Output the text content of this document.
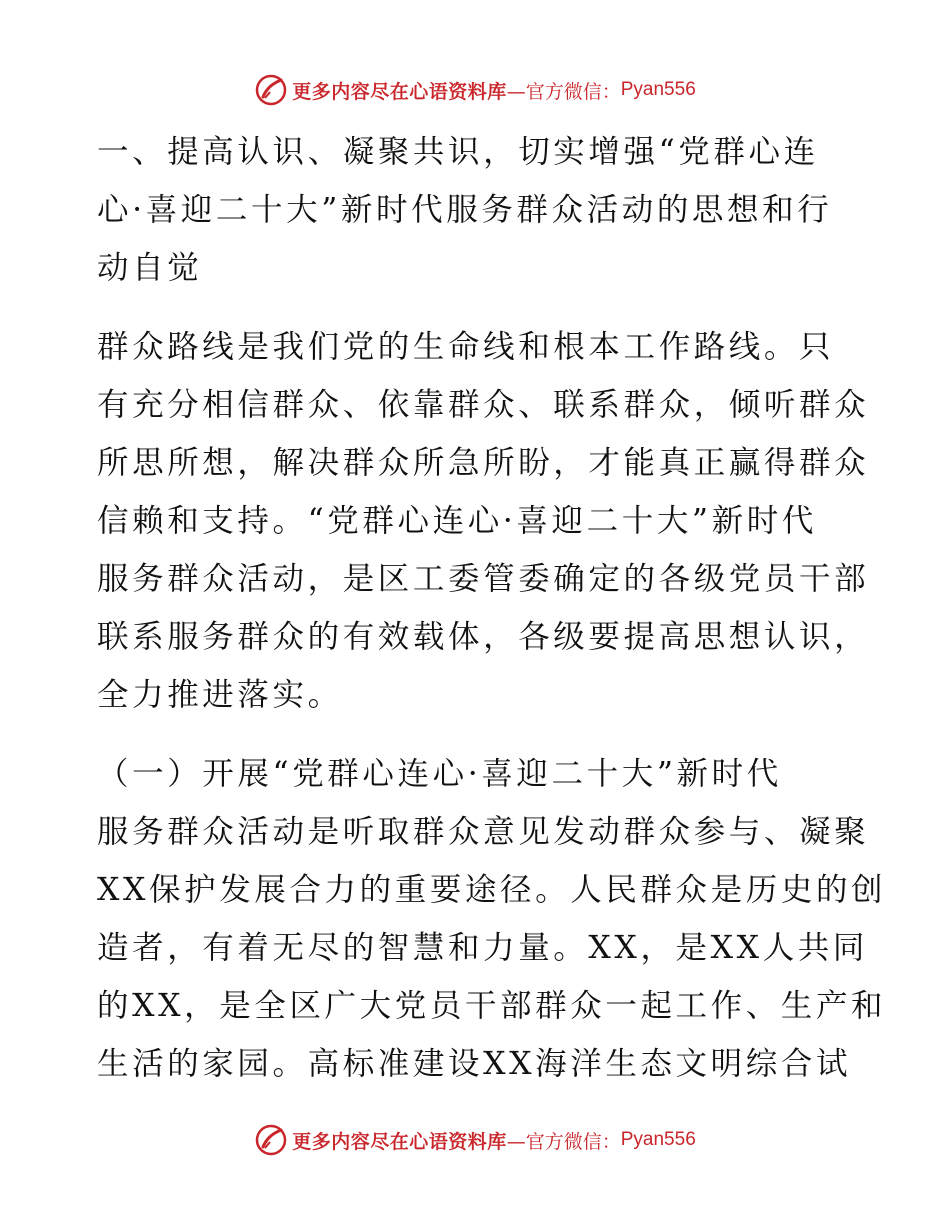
更多内容尽在心语资料库 —官方微信： Pyan556

一、提高认识、凝聚共识，切实增强“党群心连

心·喜迎二十大”新时代服务群众活动的思想和行

动自觉

群众路线是我们党的生命线和根本工作路线。只

有充分相信群众、依靠群众、联系群众，倾听群众

所思所想，解决群众所急所盼，才能真正赢得群众

信赖和支持。“党群心连心·喜迎二十大”新时代

服务群众活动，是区工委管委确定的各级党员干部

联系服务群众的有效载体，各级要提高思想认识，

全力推进落实。

（一）开展“党群心连心·喜迎二十大”新时代

服务群众活动是听取群众意见发动群众参与、凝聚

XX保护发展合力的重要途径。人民群众是历史的创

造者，有着无尽的智慧和力量。XX，是XX人共同

的XX，是全区广大党员干部群众一起工作、生产和

生活的家园。高标准建设XX海洋生态文明综合试

更多内容尽在心语资料库 —官方微信： Pyan556
